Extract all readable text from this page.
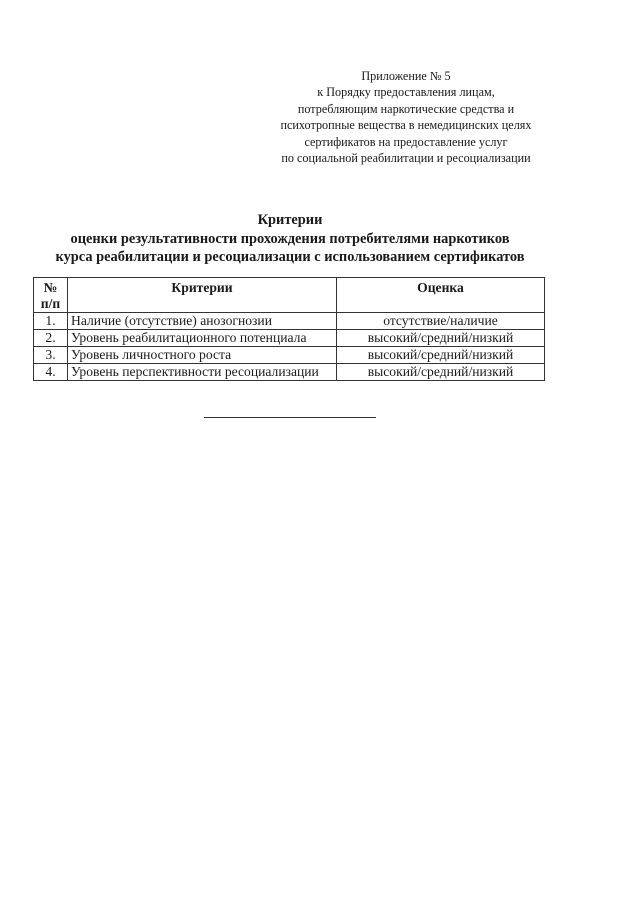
Приложение № 5
к Порядку предоставления лицам,
потребляющим наркотические средства и
психотропные вещества в немедицинских целях
сертификатов на предоставление услуг
по социальной реабилитации и ресоциализации
Критерии
оценки результативности прохождения потребителями наркотиков
курса реабилитации и ресоциализации с использованием сертификатов
№
п/п	Критерии	Оценка
1.	Наличие (отсутствие) анозогнозии	отсутствие/наличие
2.	Уровень реабилитационного потенциала	высокий/средний/низкий
3.	Уровень личностного роста	высокий/средний/низкий
4.	Уровень перспективности ресоциализации	высокий/средний/низкий
